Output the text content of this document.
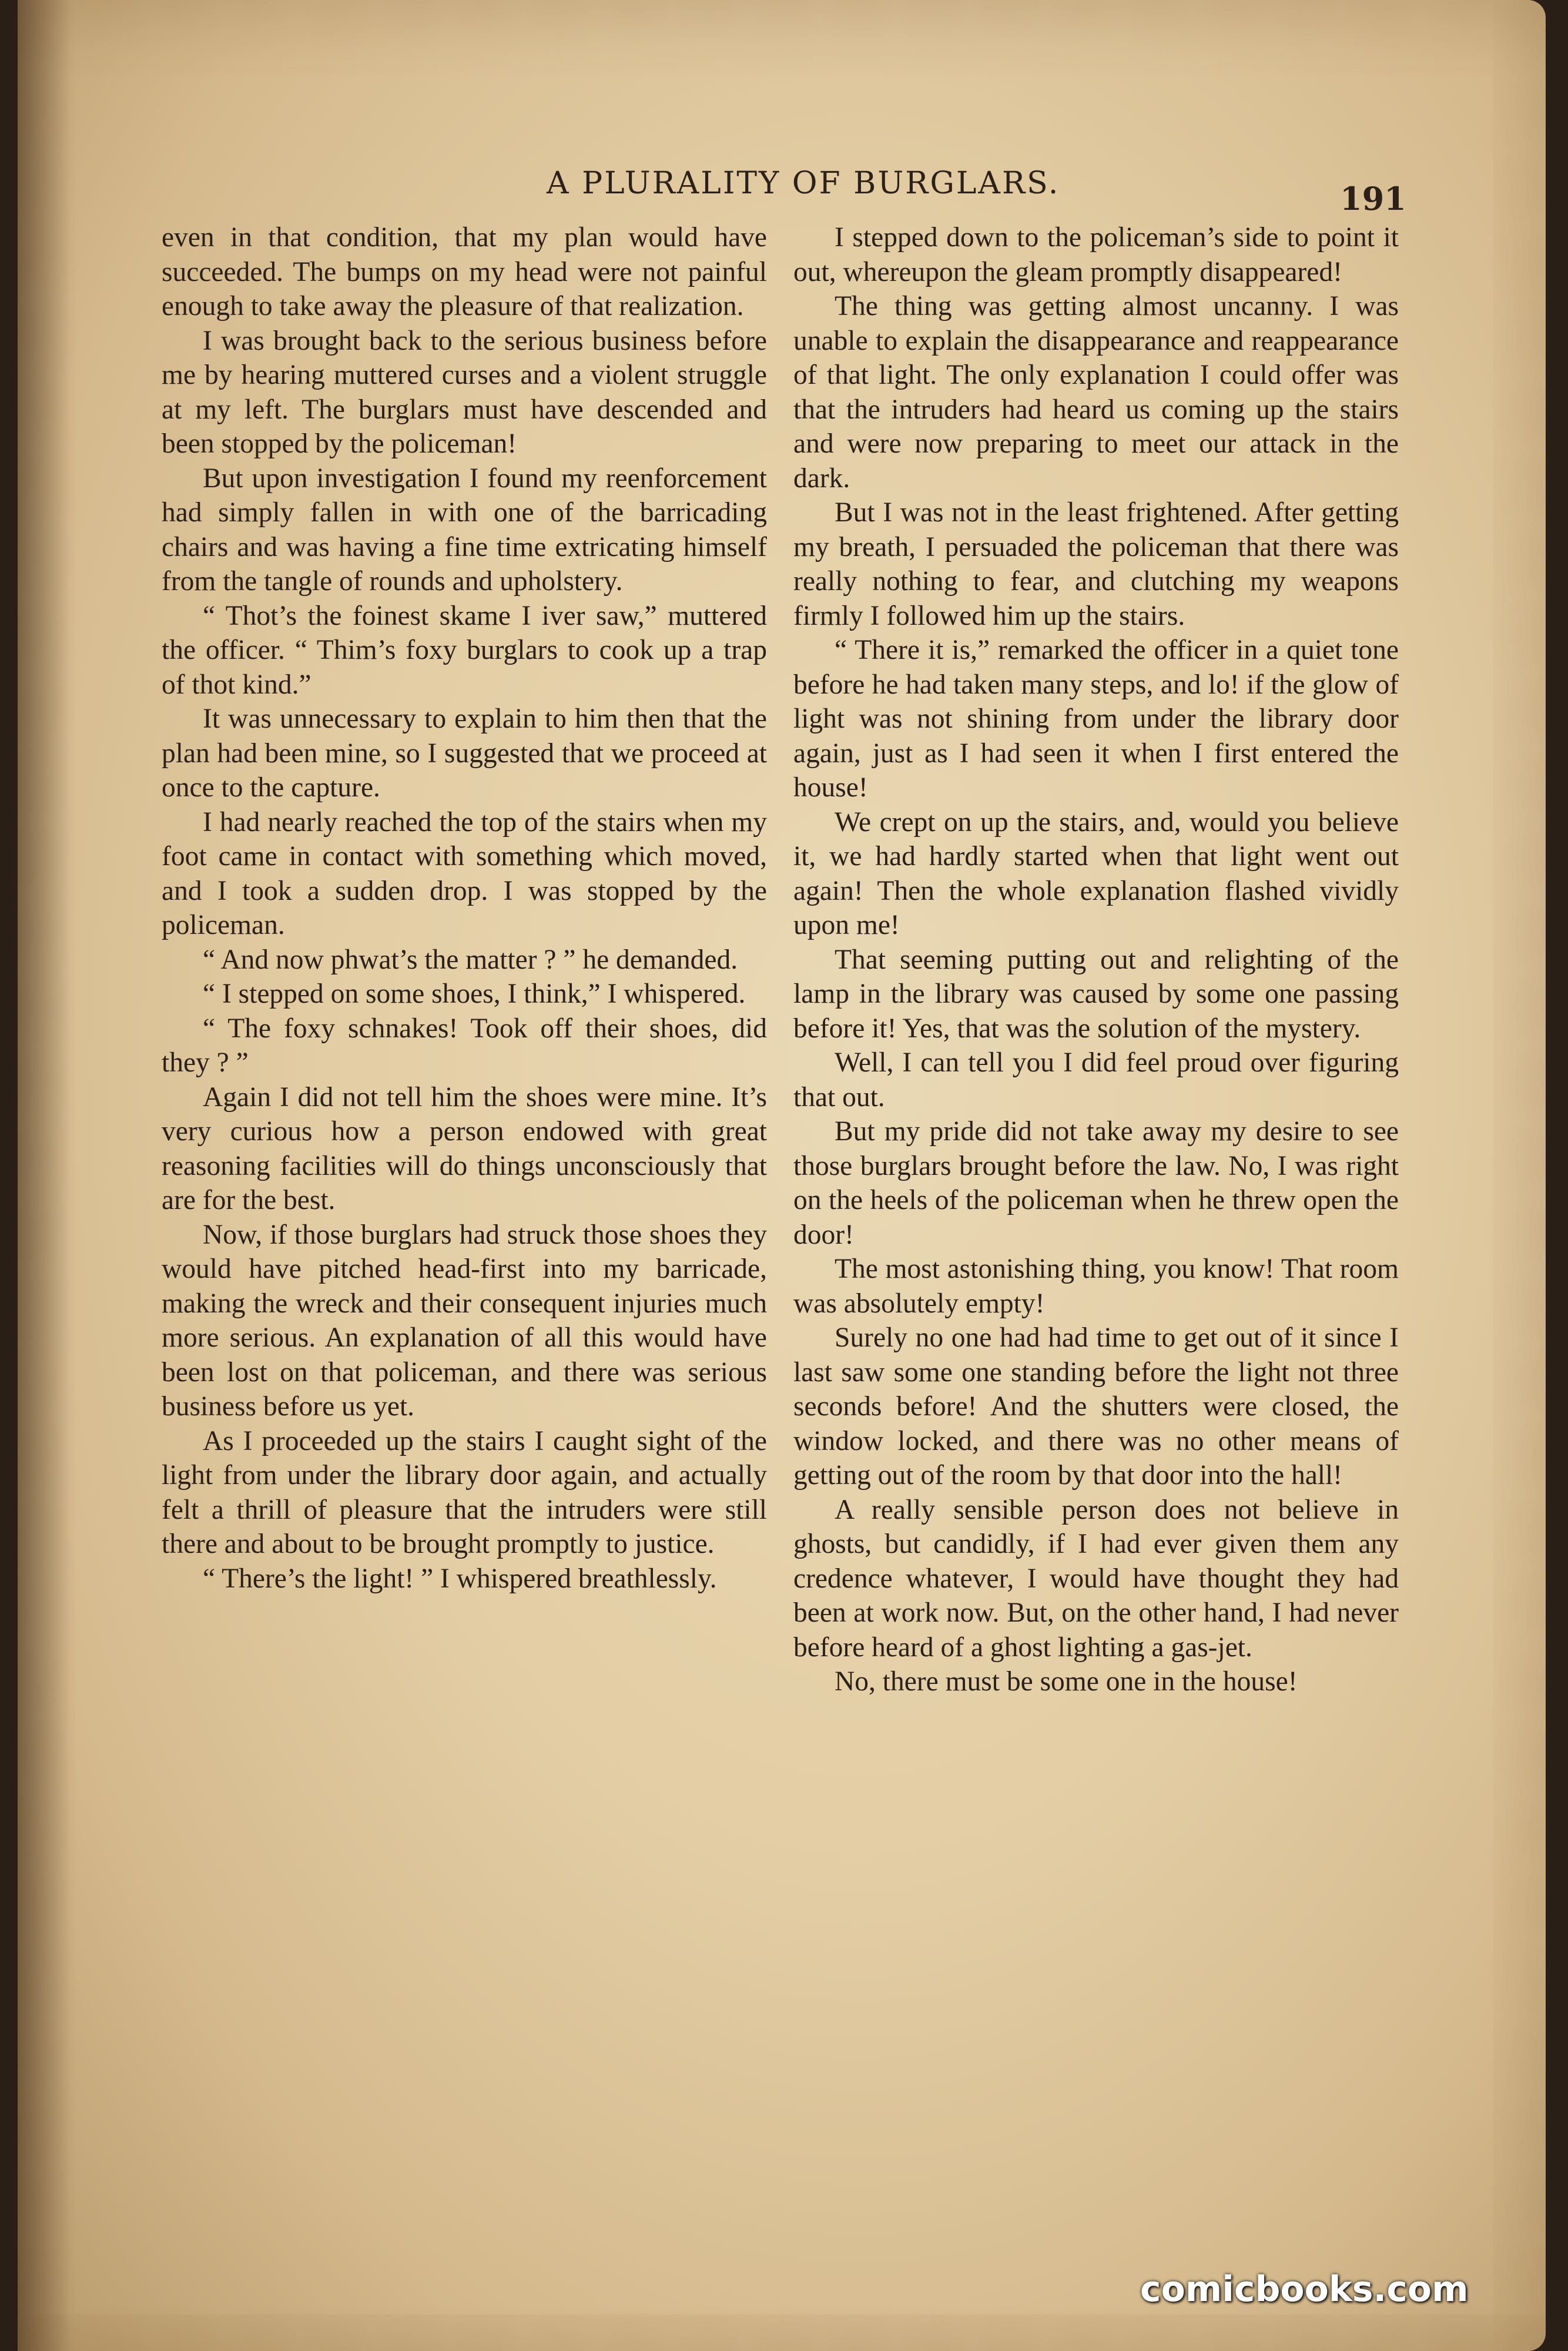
A PLURALITY OF BURGLARS.	191

even in that condition, that my plan would have succeeded. The bumps on my head were not painful enough to take away the pleasure of that realization.

I was brought back to the serious business before me by hearing muttered curses and a violent struggle at my left. The burglars must have descended and been stopped by the policeman!

But upon investigation I found my reenforcement had simply fallen in with one of the barricading chairs and was having a fine time extricating himself from the tangle of rounds and upholstery.

“ Thot’s the foinest skame I iver saw,” muttered the officer. “ Thim’s foxy burglars to cook up a trap of thot kind.”

It was unnecessary to explain to him then that the plan had been mine, so I suggested that we proceed at once to the capture.

I had nearly reached the top of the stairs when my foot came in contact with something which moved, and I took a sudden drop. I was stopped by the policeman.

“ And now phwat’s the matter ? ” he demanded.

“ I stepped on some shoes, I think,” I whispered.

“ The foxy schnakes! Took off their shoes, did they ? ”

Again I did not tell him the shoes were mine. It’s very curious how a person endowed with great reasoning facilities will do things unconsciously that are for the best.

Now, if those burglars had struck those shoes they would have pitched head-first into my barricade, making the wreck and their consequent injuries much more serious. An explanation of all this would have been lost on that policeman, and there was serious business before us yet.

As I proceeded up the stairs I caught sight of the light from under the library door again, and actually felt a thrill of pleasure that the intruders were still there and about to be brought promptly to justice.

“ There’s the light! ” I whispered breathlessly.

I stepped down to the policeman’s side to point it out, whereupon the gleam promptly disappeared!

The thing was getting almost uncanny. I was unable to explain the disappearance and reappearance of that light. The only explanation I could offer was that the intruders had heard us coming up the stairs and were now preparing to meet our attack in the dark.

But I was not in the least frightened. After getting my breath, I persuaded the policeman that there was really nothing to fear, and clutching my weapons firmly I followed him up the stairs.

“ There it is,” remarked the officer in a quiet tone before he had taken many steps, and lo! if the glow of light was not shining from under the library door again, just as I had seen it when I first entered the house!

We crept on up the stairs, and, would you believe it, we had hardly started when that light went out again! Then the whole explanation flashed vividly upon me!

That seeming putting out and relighting of the lamp in the library was caused by some one passing before it! Yes, that was the solution of the mystery.

Well, I can tell you I did feel proud over figuring that out.

But my pride did not take away my desire to see those burglars brought before the law. No, I was right on the heels of the policeman when he threw open the door!

The most astonishing thing, you know! That room was absolutely empty!

Surely no one had had time to get out of it since I last saw some one standing before the light not three seconds before! And the shutters were closed, the window locked, and there was no other means of getting out of the room by that door into the hall!

A really sensible person does not believe in ghosts, but candidly, if I had ever given them any credence whatever, I would have thought they had been at work now. But, on the other hand, I had never before heard of a ghost lighting a gas-jet.

No, there must be some one in the house!

comicbooks.com
